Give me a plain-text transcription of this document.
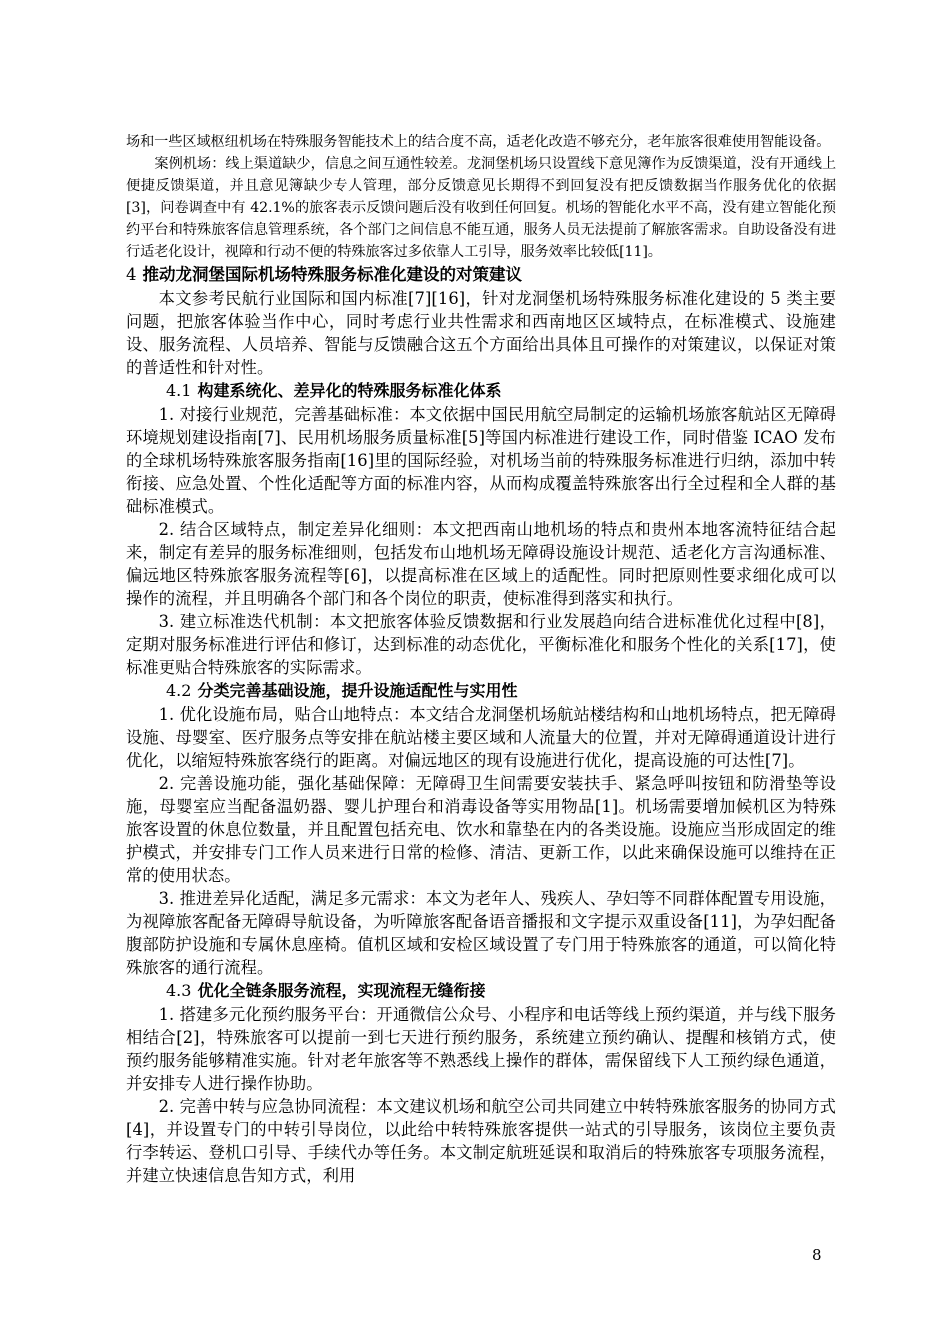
场和一些区域枢纽机场在特殊服务智能技术上的结合度不高，适老化改造不够充分，老年旅客很难使用智能设备。

案例机场：线上渠道缺少，信息之间互通性较差。龙洞堡机场只设置线下意见簿作为反馈渠道，没有开通线上便捷反馈渠道，并且意见簿缺少专人管理，部分反馈意见长期得不到回复没有把反馈数据当作服务优化的依据[3]，问卷调查中有 42.1%的旅客表示反馈问题后没有收到任何回复。机场的智能化水平不高，没有建立智能化预约平台和特殊旅客信息管理系统，各个部门之间信息不能互通，服务人员无法提前了解旅客需求。自助设备没有进行适老化设计，视障和行动不便的特殊旅客过多依靠人工引导，服务效率比较低[11]。

4 推动龙洞堡国际机场特殊服务标准化建设的对策建议

本文参考民航行业国际和国内标准[7][16]，针对龙洞堡机场特殊服务标准化建设的 5 类主要问题，把旅客体验当作中心，同时考虑行业共性需求和西南地区区域特点，在标准模式、设施建设、服务流程、人员培养、智能与反馈融合这五个方面给出具体且可操作的对策建议，以保证对策的普适性和针对性。

4.1 构建系统化、差异化的特殊服务标准化体系

1. 对接行业规范，完善基础标准：本文依据中国民用航空局制定的运输机场旅客航站区无障碍环境规划建设指南[7]、民用机场服务质量标准[5]等国内标准进行建设工作，同时借鉴 ICAO 发布的全球机场特殊旅客服务指南[16]里的国际经验，对机场当前的特殊服务标准进行归纳，添加中转衔接、应急处置、个性化适配等方面的标准内容，从而构成覆盖特殊旅客出行全过程和全人群的基础标准模式。

2. 结合区域特点，制定差异化细则：本文把西南山地机场的特点和贵州本地客流特征结合起来，制定有差异的服务标准细则，包括发布山地机场无障碍设施设计规范、适老化方言沟通标准、偏远地区特殊旅客服务流程等[6]，以提高标准在区域上的适配性。同时把原则性要求细化成可以操作的流程，并且明确各个部门和各个岗位的职责，使标准得到落实和执行。

3. 建立标准迭代机制：本文把旅客体验反馈数据和行业发展趋向结合进标准优化过程中[8]，定期对服务标准进行评估和修订，达到标准的动态优化，平衡标准化和服务个性化的关系[17]，使标准更贴合特殊旅客的实际需求。

4.2 分类完善基础设施，提升设施适配性与实用性

1. 优化设施布局，贴合山地特点：本文结合龙洞堡机场航站楼结构和山地机场特点，把无障碍设施、母婴室、医疗服务点等安排在航站楼主要区域和人流量大的位置，并对无障碍通道设计进行优化，以缩短特殊旅客绕行的距离。对偏远地区的现有设施进行优化，提高设施的可达性[7]。

2. 完善设施功能，强化基础保障：无障碍卫生间需要安装扶手、紧急呼叫按钮和防滑垫等设施，母婴室应当配备温奶器、婴儿护理台和消毒设备等实用物品[1]。机场需要增加候机区为特殊旅客设置的休息位数量，并且配置包括充电、饮水和靠垫在内的各类设施。设施应当形成固定的维护模式，并安排专门工作人员来进行日常的检修、清洁、更新工作，以此来确保设施可以维持在正常的使用状态。

3. 推进差异化适配，满足多元需求：本文为老年人、残疾人、孕妇等不同群体配置专用设施，为视障旅客配备无障碍导航设备，为听障旅客配备语音播报和文字提示双重设备[11]，为孕妇配备腹部防护设施和专属休息座椅。值机区域和安检区域设置了专门用于特殊旅客的通道，可以简化特殊旅客的通行流程。

4.3 优化全链条服务流程，实现流程无缝衔接

1. 搭建多元化预约服务平台：开通微信公众号、小程序和电话等线上预约渠道，并与线下服务相结合[2]，特殊旅客可以提前一到七天进行预约服务，系统建立预约确认、提醒和核销方式，使预约服务能够精准实施。针对老年旅客等不熟悉线上操作的群体，需保留线下人工预约绿色通道，并安排专人进行操作协助。

2. 完善中转与应急协同流程：本文建议机场和航空公司共同建立中转特殊旅客服务的协同方式[4]，并设置专门的中转引导岗位，以此给中转特殊旅客提供一站式的引导服务，该岗位主要负责行李转运、登机口引导、手续代办等任务。本文制定航班延误和取消后的特殊旅客专项服务流程，并建立快速信息告知方式，利用

8
